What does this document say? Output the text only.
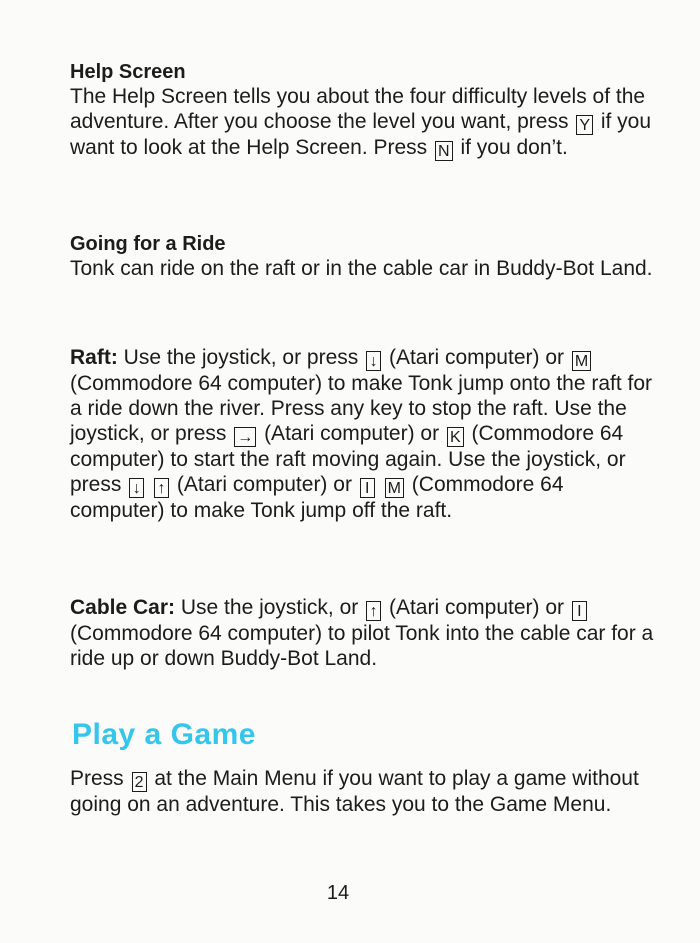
Help Screen
The Help Screen tells you about the four difficulty levels of the adventure. After you choose the level you want, press Y if you want to look at the Help Screen. Press N if you don’t.
Going for a Ride
Tonk can ride on the raft or in the cable car in Buddy-Bot Land.
Raft: Use the joystick, or press ↓ (Atari computer) or M (Commodore 64 computer) to make Tonk jump onto the raft for a ride down the river. Press any key to stop the raft. Use the joystick, or press → (Atari computer) or K (Commodore 64 computer) to start the raft moving again. Use the joystick, or press ↓ ↑ (Atari computer) or I M (Commodore 64 computer) to make Tonk jump off the raft.
Cable Car: Use the joystick, or ↑ (Atari computer) or I (Commodore 64 computer) to pilot Tonk into the cable car for a ride up or down Buddy-Bot Land.
Play a Game
Press 2 at the Main Menu if you want to play a game without going on an adventure. This takes you to the Game Menu.
14
